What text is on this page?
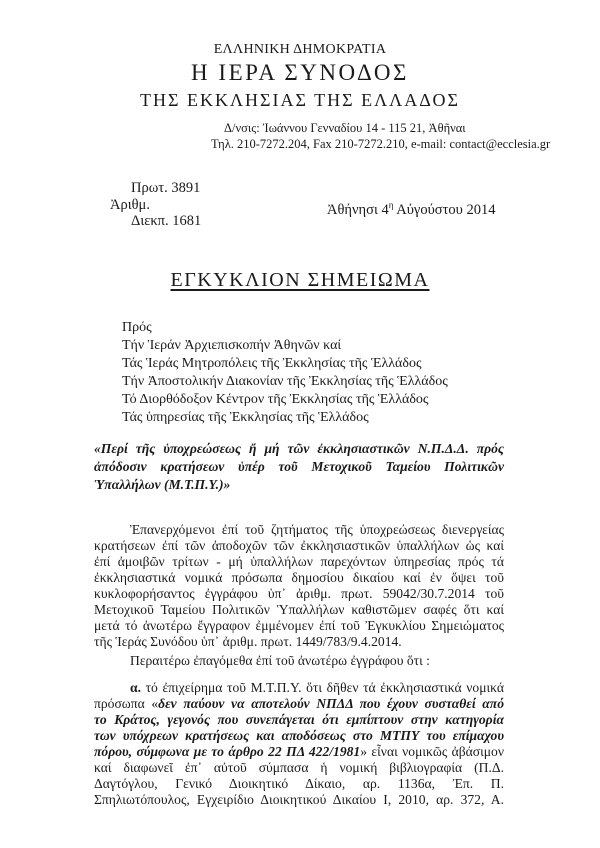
ΕΛΛΗΝΙΚΗ ΔΗΜΟΚΡΑΤΙΑ
Η ΙΕΡΑ ΣΥΝΟΔΟΣ
ΤΗΣ ΕΚΚΛΗΣΙΑΣ ΤΗΣ ΕΛΛΑΔΟΣ
Δ/νσις: Ἰωάννου Γενναδίου 14 - 115 21, Ἀθῆναι
Τηλ. 210-7272.204, Fax 210-7272.210, e-mail: contact@ecclesia.gr
Πρωτ. 3891
Ἀριθμ.
Διεκπ. 1681
Ἀθήνησι $4^\eta$ Αὐγούστου 2014
ΕΓΚΥΚΛΙΟΝ ΣΗΜΕΙΩΜΑ
Πρός
Τήν Ἱεράν Ἀρχιεπισκοπήν Ἀθηνῶν καί
Τάς Ἱεράς Μητροπόλεις τῆς Ἐκκλησίας τῆς Ἑλλάδος
Τήν Ἀποστολικήν Διακονίαν τῆς Ἐκκλησίας τῆς Ἑλλάδος
Τό Διορθόδοξον Κέντρον τῆς Ἐκκλησίας τῆς Ἑλλάδος
Τάς ὑπηρεσίας τῆς Ἐκκλησίας τῆς Ἑλλάδος
«Περί τῆς ὑποχρεώσεως ἤ μή τῶν ἐκκλησιαστικῶν Ν.Π.Δ.Δ. πρός
ἀπόδοσιν κρατήσεων ὑπέρ τοῦ Μετοχικοῦ Ταμείου Πολιτικῶν
Ὑπαλλήλων (Μ.Τ.Π.Υ.)»
Ἐπανερχόμενοι ἐπί τοῦ ζητήματος τῆς ὑποχρεώσεως διενεργείας
κρατήσεων ἐπί τῶν ἀποδοχῶν τῶν ἐκκλησιαστικῶν ὑπαλλήλων ὡς καί
ἐπί ἀμοιβῶν τρίτων - μή ὑπαλλήλων παρεχόντων ὑπηρεσίας πρός τά
ἐκκλησιαστικά νομικά πρόσωπα δημοσίου δικαίου καί ἐν ὄψει τοῦ
κυκλοφορήσαντος ἐγγράφου ὑπ᾽ ἀριθμ. πρωτ. 59042/30.7.2014 τοῦ
Μετοχικοῦ Ταμείου Πολιτικῶν Ὑπαλλήλων καθιστῶμεν σαφές ὅτι καί
μετά τό ἀνωτέρω ἔγγραφον ἐμμένομεν ἐπί τοῦ Ἐγκυκλίου Σημειώματος
τῆς Ἱεράς Συνόδου ὑπ᾽ ἀριθμ. πρωτ. 1449/783/9.4.2014.
Περαιτέρω ἐπαγόμεθα ἐπί τοῦ ἀνωτέρω ἐγγράφου ὅτι :
α. τό ἐπιχείρημα τοῦ Μ.Τ.Π.Υ. ὅτι δῆθεν τά ἐκκλησιαστικά νομικά
πρόσωπα «δεν παύουν να αποτελούν ΝΠΔΔ που έχουν συσταθεί από
το Κράτος, γεγονός που συνεπάγεται ότι εμπίπτουν στην κατηγορία
των υπόχρεων κρατήσεως και αποδόσεως στο ΜΤΠΥ του επίμαχου
πόρου, σύμφωνα με το άρθρο 22 ΠΔ 422/1981» εἶναι νομικῶς ἀβάσιμον
καί διαφωνεῖ ἐπ᾽ αὐτοῦ σύμπασα ἡ νομική βιβλιογραφία (Π.Δ.
Δαγτόγλου, Γενικό Διοικητικό Δίκαιο, αρ. 1136α, Ἐπ. Π.
Σπηλιωτόπουλος, Εγχειρίδιο Διοικητικού Δικαίου Ι, 2010, αρ. 372, Α.
